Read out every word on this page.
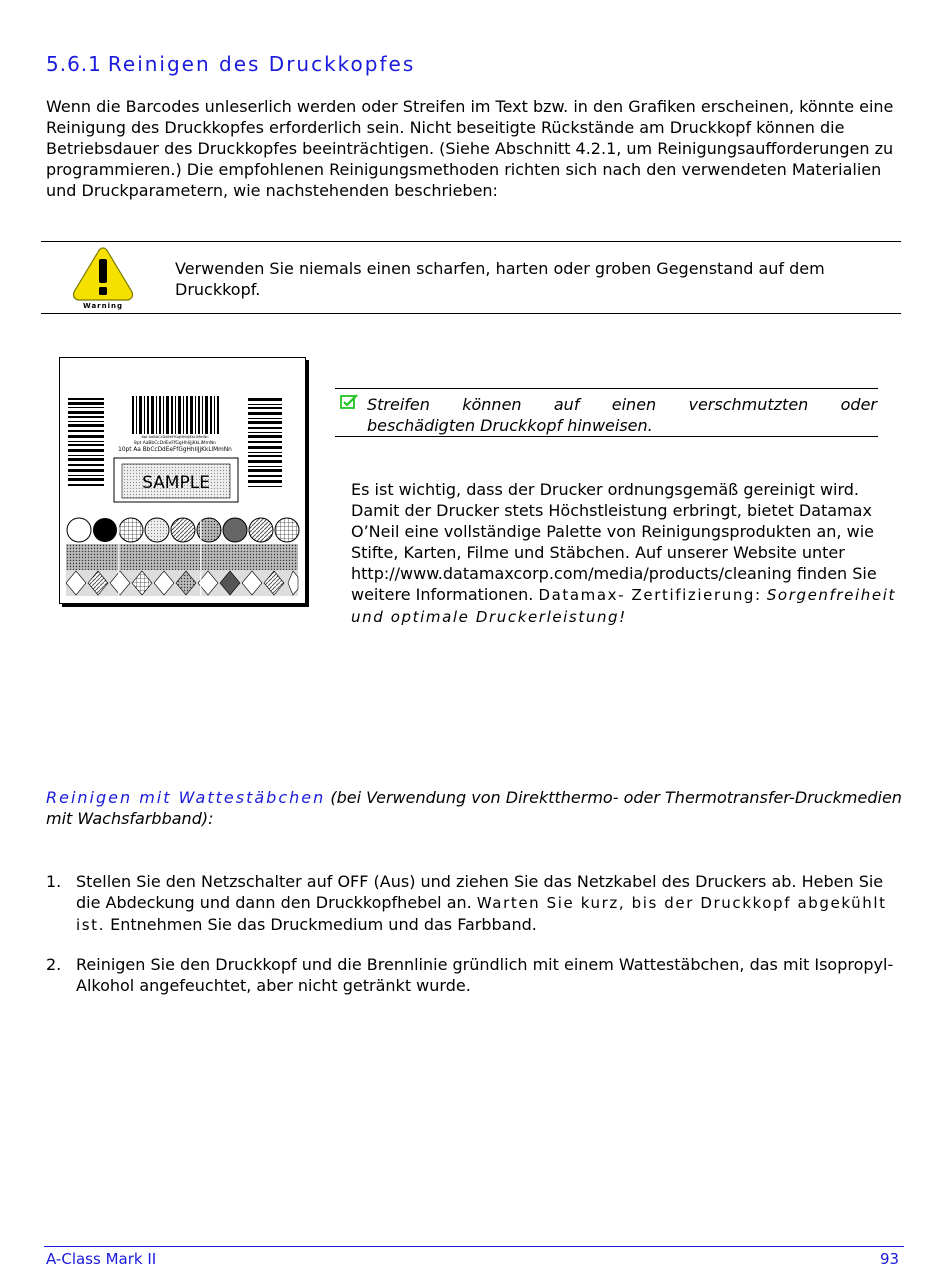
5.6.1 Reinigen des Druckkopfes

Wenn die Barcodes unleserlich werden oder Streifen im Text bzw. in den Grafiken erscheinen, könnte eine Reinigung des Druckkopfes erforderlich sein. Nicht beseitigte Rückstände am Druckkopf können die Betriebsdauer des Druckkopfes beeinträchtigen. (Siehe Abschnitt 4.2.1, um Reinigungsaufforderungen zu programmieren.) Die empfohlenen Reinigungsmethoden richten sich nach den verwendeten Materialien und Druckparametern, wie nachstehenden beschrieben:

Warning

Verwenden Sie niemals einen scharfen, harten oder groben Gegenstand auf dem Druckkopf.

6pt AaBbCcDdEeFfGgHhIiJjKkLlMmNn
8pt AaBbCcDdEeFfGgHhIiJjKkLlMmNn
10pt Aa BbCcDdEeFfGgHhIiJjKkLlMmNn
SAMPLE

Streifen können auf einen verschmutzten oder
beschädigten Druckkopf hinweisen.

Es ist wichtig, dass der Drucker ordnungsgemäß gereinigt wird. Damit der Drucker stets Höchstleistung erbringt, bietet Datamax O’Neil eine vollständige Palette von Reinigungsprodukten an, wie Stifte, Karten, Filme und Stäbchen. Auf unserer Website unter http://www.datamaxcorp.com/media/products/cleaning finden Sie weitere Informationen. Datamax- Zertifizierung: Sorgenfreiheit und optimale Druckerleistung!

Reinigen mit Wattestäbchen (bei Verwendung von Direktthermo- oder Thermotransfer-Druckmedien mit Wachsfarbband):

1. Stellen Sie den Netzschalter auf OFF (Aus) und ziehen Sie das Netzkabel des Druckers ab. Heben Sie die Abdeckung und dann den Druckkopfhebel an. Warten Sie kurz, bis der Druckkopf abgekühlt ist. Entnehmen Sie das Druckmedium und das Farbband.

2. Reinigen Sie den Druckkopf und die Brennlinie gründlich mit einem Wattestäbchen, das mit Isopropyl-Alkohol angefeuchtet, aber nicht getränkt wurde.

A-Class Mark II	93
